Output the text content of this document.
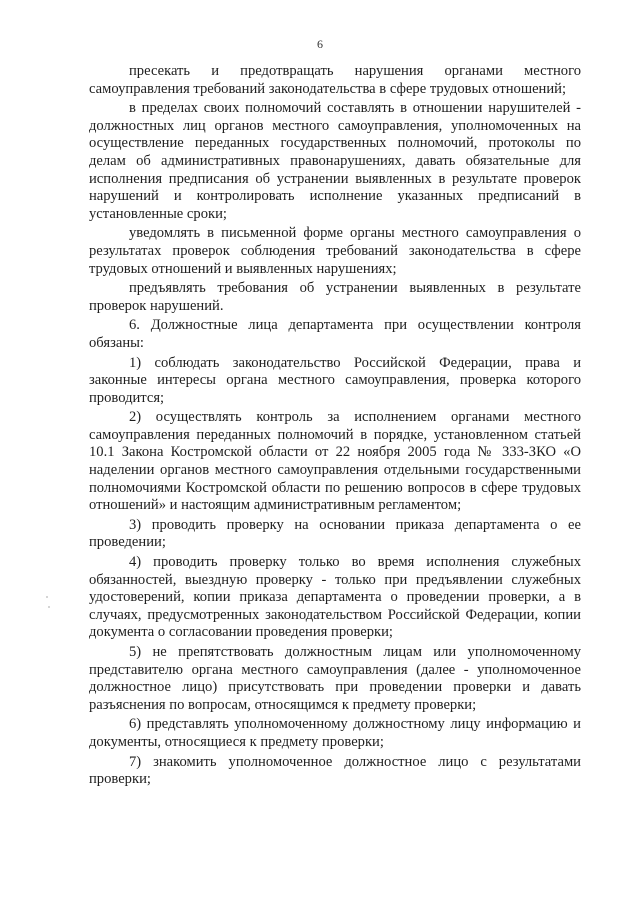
6

пресекать и предотвращать нарушения органами местного самоуправления требований законодательства в сфере трудовых отношений;

в пределах своих полномочий составлять в отношении нарушителей - должностных лиц органов местного самоуправления, уполномоченных на осуществление переданных государственных полномочий, протоколы по делам об административных правонарушениях, давать обязательные для исполнения предписания об устранении выявленных в результате проверок нарушений и контролировать исполнение указанных предписаний в установленные сроки;

уведомлять в письменной форме органы местного самоуправления о результатах проверок соблюдения требований законодательства в сфере трудовых отношений и выявленных нарушениях;

предъявлять требования об устранении выявленных в результате проверок нарушений.

6. Должностные лица департамента при осуществлении контроля обязаны:

1) соблюдать законодательство Российской Федерации, права и законные интересы органа местного самоуправления, проверка которого проводится;

2) осуществлять контроль за исполнением органами местного самоуправления переданных полномочий в порядке, установленном статьей 10.1 Закона Костромской области от 22 ноября 2005 года № 333-ЗКО «О наделении органов местного самоуправления отдельными государственными полномочиями Костромской области по решению вопросов в сфере трудовых отношений» и настоящим административным регламентом;

3) проводить проверку на основании приказа департамента о ее проведении;

4) проводить проверку только во время исполнения служебных обязанностей, выездную проверку - только при предъявлении служебных удостоверений, копии приказа департамента о проведении проверки, а в случаях, предусмотренных законодательством Российской Федерации, копии документа о согласовании проведения проверки;

5) не препятствовать должностным лицам или уполномоченному представителю органа местного самоуправления (далее - уполномоченное должностное лицо) присутствовать при проведении проверки и давать разъяснения по вопросам, относящимся к предмету проверки;

6) представлять уполномоченному должностному лицу информацию и документы, относящиеся к предмету проверки;

7) знакомить уполномоченное должностное лицо с результатами проверки;
